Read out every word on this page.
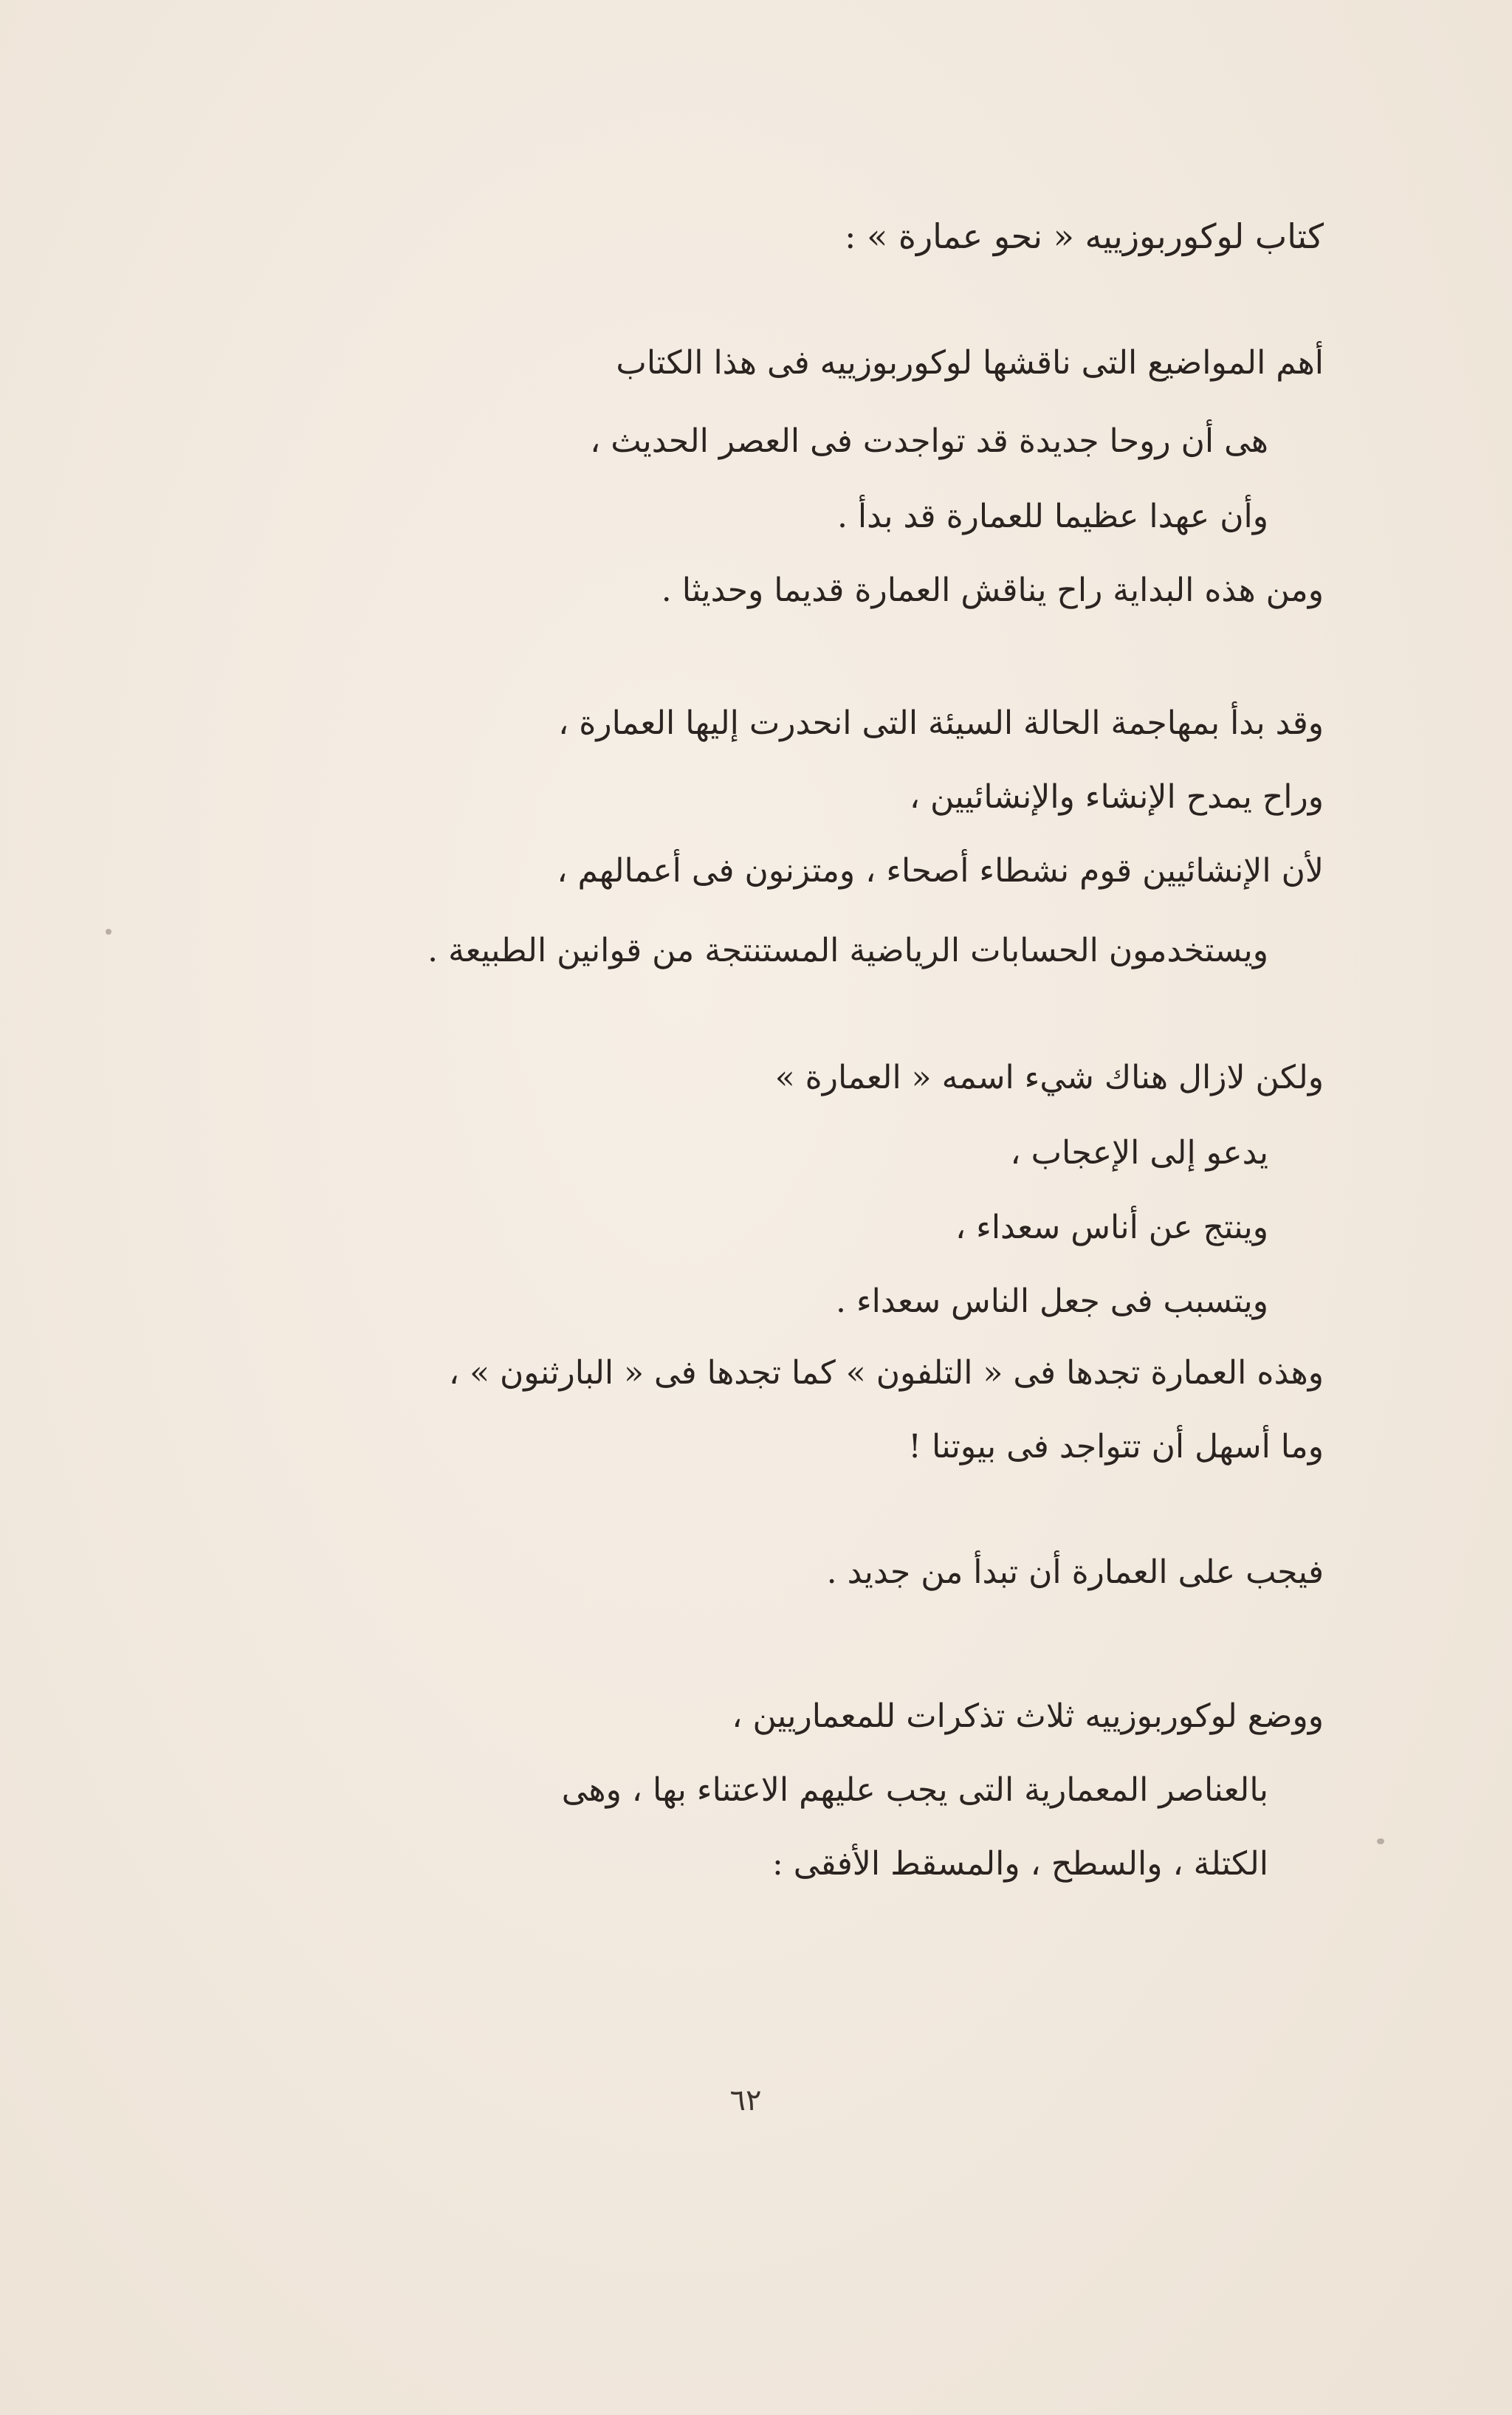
كتاب لوكوربوزييه « نحو عمارة » :
أهم المواضيع التى ناقشها لوكوربوزييه فى هذا الكتاب
هى أن روحا جديدة قد تواجدت فى العصر الحديث ،
وأن عهدا عظيما للعمارة قد بدأ .
ومن هذه البداية راح يناقش العمارة قديما وحديثا .
وقد بدأ بمهاجمة الحالة السيئة التى انحدرت إليها العمارة ،
وراح يمدح الإنشاء والإنشائيين ،
لأن الإنشائيين قوم نشطاء أصحاء ، ومتزنون فى أعمالهم ،
ويستخدمون الحسابات الرياضية المستنتجة من قوانين الطبيعة .
ولكن لازال هناك شيء اسمه « العمارة »
يدعو إلى الإعجاب ،
وينتج عن أناس سعداء ،
ويتسبب فى جعل الناس سعداء .
وهذه العمارة تجدها فى « التلفون » كما تجدها فى « البارثنون » ،
وما أسهل أن تتواجد فى بيوتنا !
فيجب على العمارة أن تبدأ من جديد .
ووضع لوكوربوزييه ثلاث تذكرات للمعماريين ،
بالعناصر المعمارية التى يجب عليهم الاعتناء بها ، وهى
الكتلة ، والسطح ، والمسقط الأفقى :
٦٢
